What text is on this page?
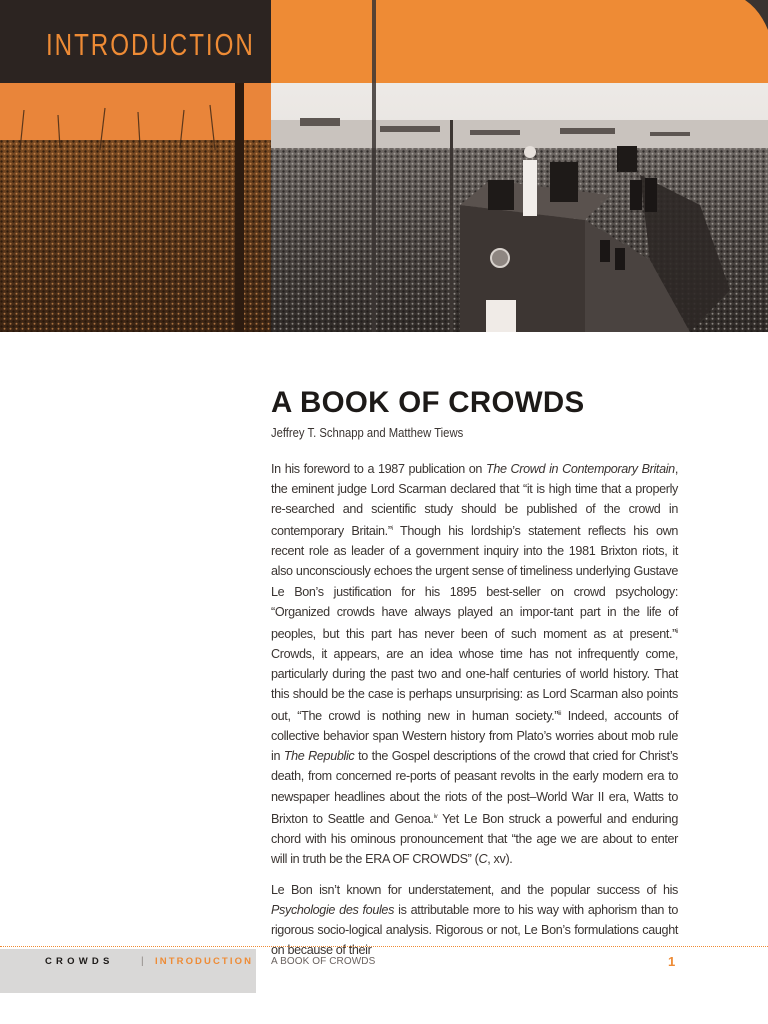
INTRODUCTION
A BOOK OF CROWDS
Jeffrey T. Schnapp and Matthew Tiews

In his foreword to a 1987 publication on The Crowd in Contemporary Britain, the eminent judge Lord Scarman declared that “it is high time that a properly re-searched and scientific study should be published of the crowd in contemporary Britain.”$^i$ Though his lordship’s statement reflects his own recent role as leader of a government inquiry into the 1981 Brixton riots, it also unconsciously echoes the urgent sense of timeliness underlying Gustave Le Bon’s justification for his 1895 best-seller on crowd psychology: “Organized crowds have always played an impor-tant part in the life of peoples, but this part has never been of such moment as at present.”$^{ii}$ Crowds, it appears, are an idea whose time has not infrequently come, particularly during the past two and one-half centuries of world history. That this should be the case is perhaps unsurprising: as Lord Scarman also points out, “The crowd is nothing new in human society.”$^{iii}$ Indeed, accounts of collective behavior span Western history from Plato’s worries about mob rule in The Republic to the Gospel descriptions of the crowd that cried for Christ’s death, from concerned re-ports of peasant revolts in the early modern era to newspaper headlines about the riots of the post–World War II era, Watts to Brixton to Seattle and Genoa.$^{iv}$ Yet Le Bon struck a powerful and enduring chord with his ominous pronouncement that “the age we are about to enter will in truth be the ERA OF CROWDS” (C, xv).

Le Bon isn’t known for understatement, and the popular success of his Psychologie des foules is attributable more to his way with aphorism than to rigorous socio-logical analysis. Rigorous or not, Le Bon’s formulations caught on because of their

CROWDS	| INTRODUCTION A BOOK OF CROWDS	1
